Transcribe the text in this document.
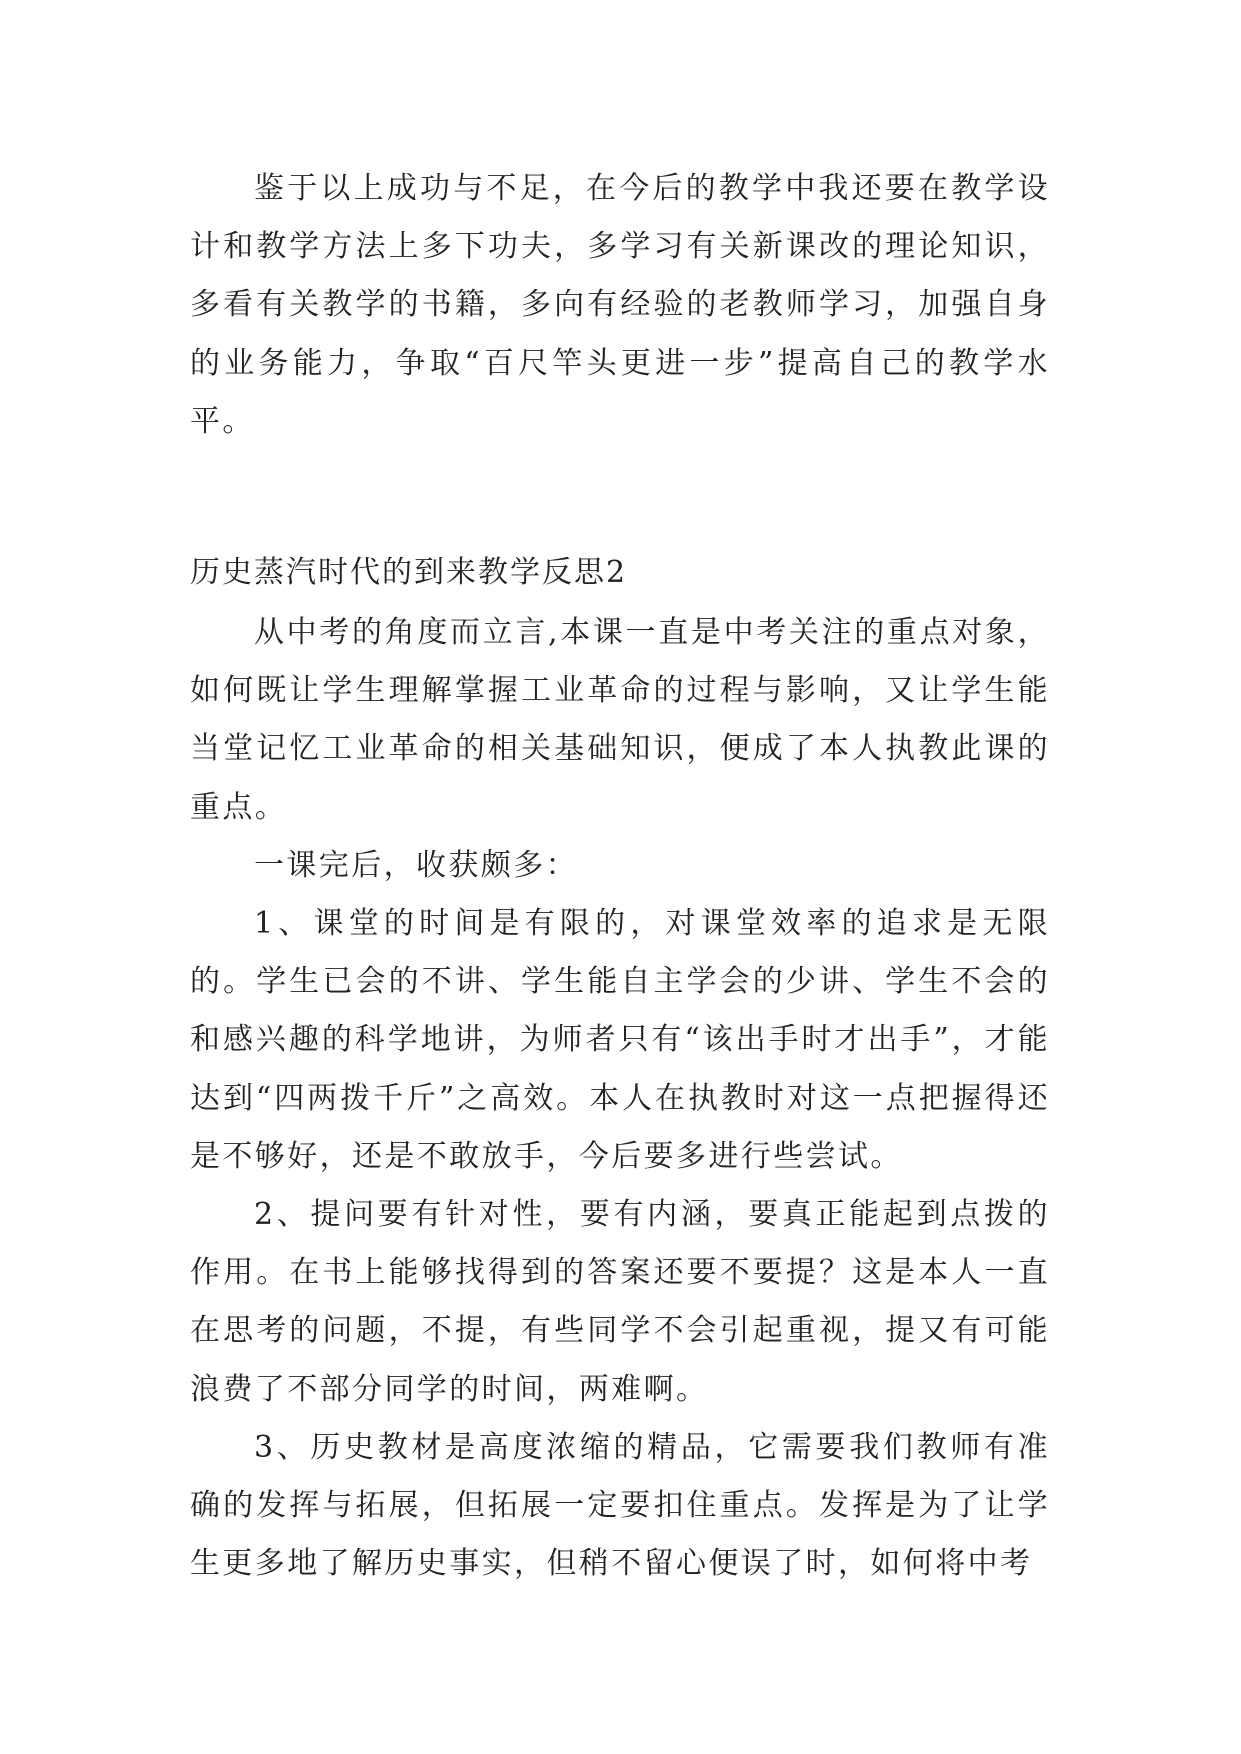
鉴于以上成功与不足，在今后的教学中我还要在教学设计和教学方法上多下功夫，多学习有关新课改的理论知识，多看有关教学的书籍，多向有经验的老教师学习，加强自身的业务能力，争取“百尺竿头更进一步”提高自己的教学水平。

历史蒸汽时代的到来教学反思2

从中考的角度而立言,本课一直是中考关注的重点对象，如何既让学生理解掌握工业革命的过程与影响，又让学生能当堂记忆工业革命的相关基础知识，便成了本人执教此课的重点。

一课完后，收获颇多：

1、课堂的时间是有限的，对课堂效率的追求是无限的。学生已会的不讲、学生能自主学会的少讲、学生不会的和感兴趣的科学地讲，为师者只有“该出手时才出手”，才能达到“四两拨千斤”之高效。本人在执教时对这一点把握得还是不够好，还是不敢放手，今后要多进行些尝试。

2、提问要有针对性，要有内涵，要真正能起到点拨的作用。在书上能够找得到的答案还要不要提？这是本人一直在思考的问题，不提，有些同学不会引起重视，提又有可能浪费了不部分同学的时间，两难啊。

3、历史教材是高度浓缩的精品，它需要我们教师有准确的发挥与拓展，但拓展一定要扣住重点。发挥是为了让学生更多地了解历史事实，但稍不留心便误了时，如何将中考
